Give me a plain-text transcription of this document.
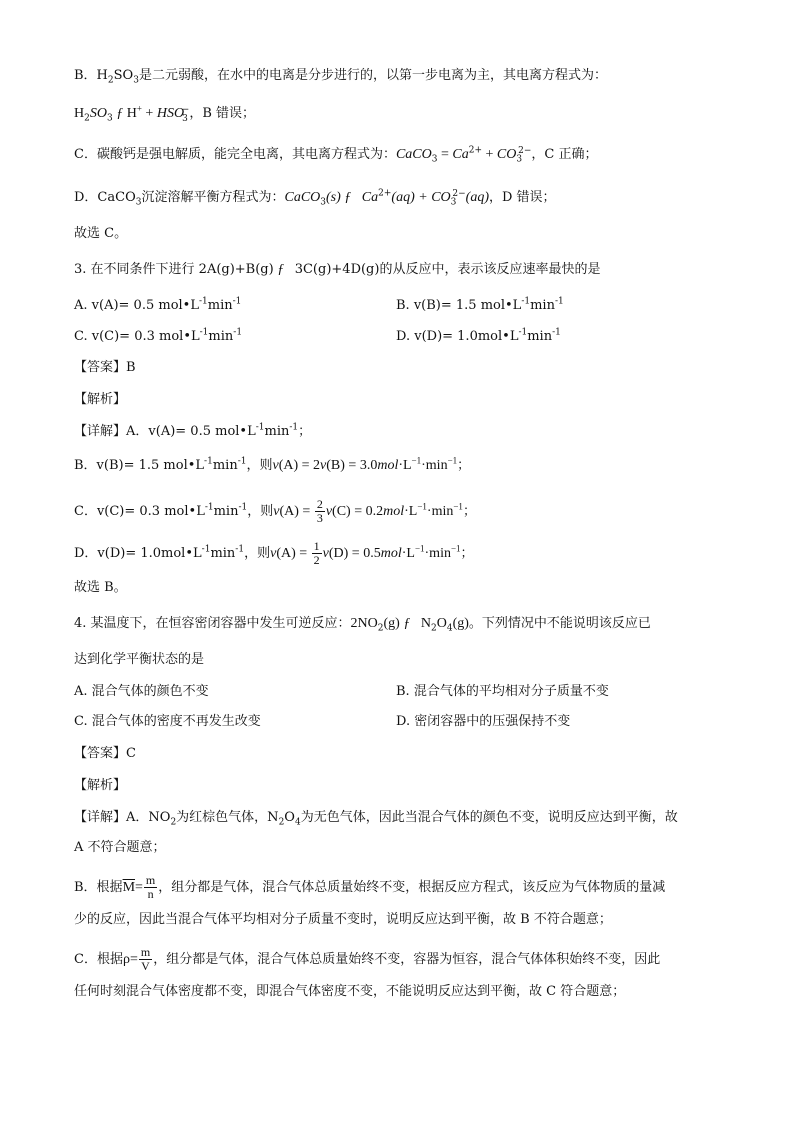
B．$H_2SO_3$是二元弱酸，在水中的电离是分步进行的，以第一步电离为主，其电离方程式为：
$H_2SO_3$ ƒ $H^+ + HSO_3^-$，B 错误；
C．碳酸钙是强电解质，能完全电离，其电离方程式为：CaCO$_3$ = $Ca^{2+} + CO_3^{2-}$，C 正确；
D．CaCO$_3$沉淀溶解平衡方程式为：CaCO$_3$(s) ƒ   $Ca^{2+}(aq) + CO_3^{2-}(aq)$，D 错误；
故选 C。
3. 在不同条件下进行 2A(g)+B(g) ƒ   3C(g)+4D(g)的从反应中，表示该反应速率最快的是
A. v(A)= 0.5 $mol•L^{-1}\min^{-1}$	B. v(B)= 1.5 $mol•L^{-1}\min^{-1}$
C. v(C)= 0.3 $mol•L^{-1}\min^{-1}$	D. $v(D)= 1.0mol•L^{-1}\min^{-1}$
【答案】B
【解析】
【详解】A．v(A)= 0.5 $mol•L^{-1}\min^{-1}$；
B．v(B)= 1.5 $mol•L^{-1}\min^{-1}$，则$v(A) = 2v(B) = 3.0mol\cdot L^{-1}\cdot\min^{-1}$；
C．v(C)= 0.3 $mol•L^{-1}\min^{-1}$，则$v(A) = \frac{2}{3} v(C) = 0.2mol\cdot L^{-1}\cdot\min^{-1}$；
D．$v(D)= 1.0mol•L^{-1}\min^{-1}$，则$v(A) = \frac{1}{2} v(D) = 0.5mol\cdot L^{-1}\cdot\min^{-1}$；
故选 B。
4. 某温度下，在恒容密闭容器中发生可逆反应：$2NO_2(g)$ ƒ   $N_2O_4(g)$。下列情况中不能说明该反应已
达到化学平衡状态的是
A. 混合气体的颜色不变	B. 混合气体的平均相对分子质量不变
C. 混合气体的密度不再发生改变	D. 密闭容器中的压强保持不变
【答案】C
【解析】
【详解】A．$NO_2$为红棕色气体，$N_2O_4$为无色气体，因此当混合气体的颜色不变，说明反应达到平衡，故
A 不符合题意；
B．根据$\overline{M}= \frac{m}{n}$ ，组分都是气体，混合气体总质量始终不变，根据反应方程式，该反应为气体物质的量减
少的反应，因此当混合气体平均相对分子质量不变时，说明反应达到平衡，故 B 不符合题意；
C．根据$\rho= \frac{m}{V}$ ，组分都是气体，混合气体总质量始终不变，容器为恒容，混合气体体积始终不变，因此
任何时刻混合气体密度都不变，即混合气体密度不变，不能说明反应达到平衡，故 C 符合题意；
